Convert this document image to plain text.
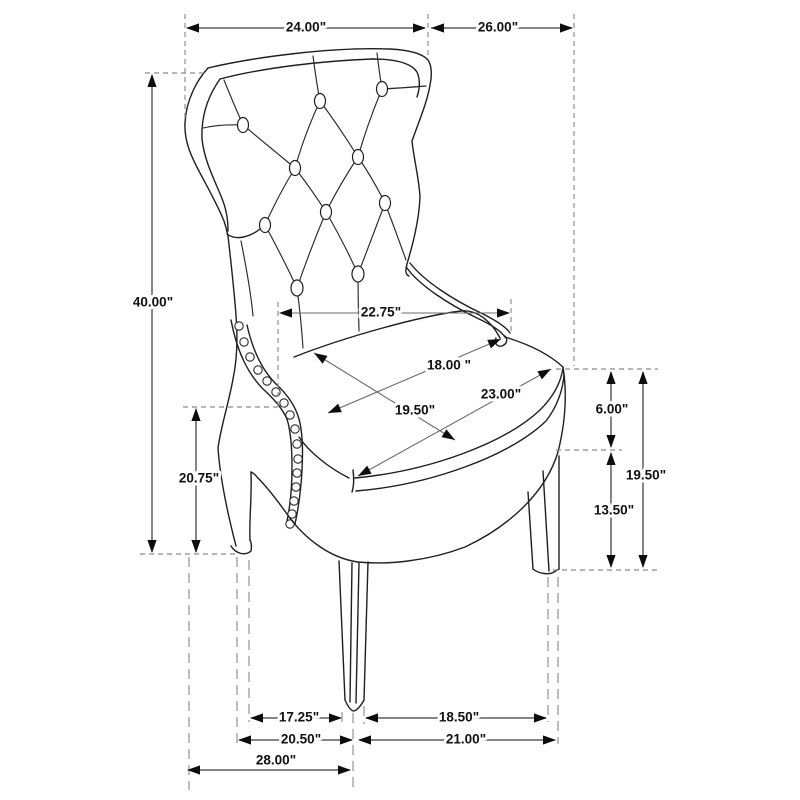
24.00"	26.00"
40.00"
20.75"
22.75"
18.00 "
19.50"
23.00"
6.00"
19.50"
13.50"
17.25"	18.50"
20.50"	21.00"
28.00"
